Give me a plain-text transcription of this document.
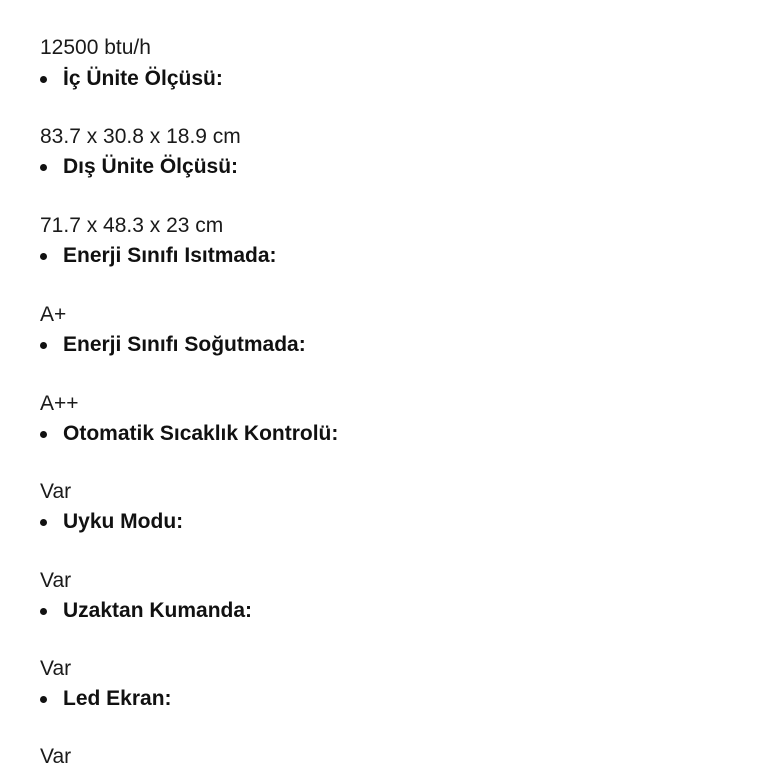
12500 btu/h
İç Ünite Ölçüsü:
83.7 x 30.8 x 18.9 cm
Dış Ünite Ölçüsü:
71.7 x 48.3 x 23 cm
Enerji Sınıfı Isıtmada:
A+
Enerji Sınıfı Soğutmada:
A++
Otomatik Sıcaklık Kontrolü:
Var
Uyku Modu:
Var
Uzaktan Kumanda:
Var
Led Ekran:
Var
